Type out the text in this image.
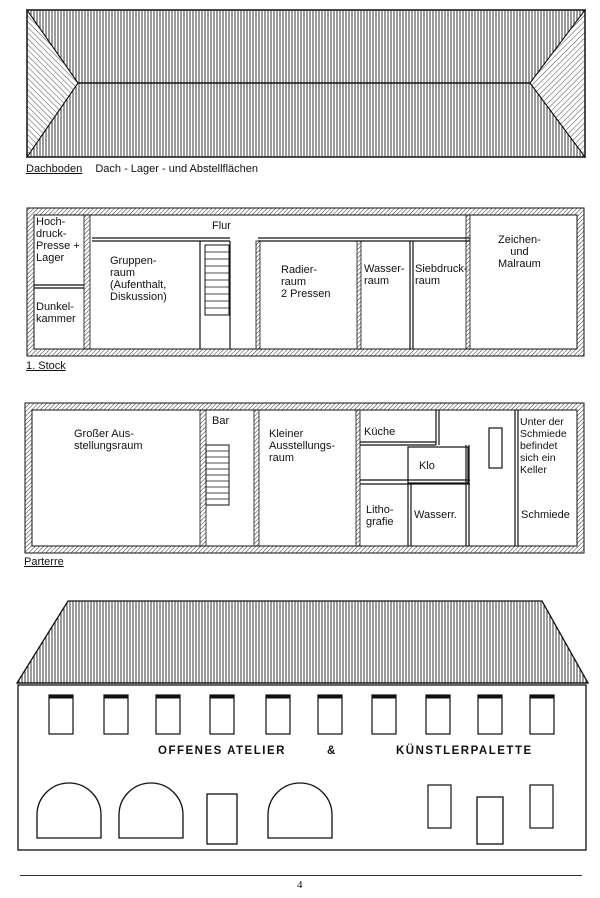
Dachboden Dach - Lager - und Abstellflächen
Hoch-
druck-
Presse +
Lager
Dunkel-
kammer
Flur
Gruppen-
raum
(Aufenthalt,
Diskussion)
Radier-
raum
2 Pressen
Wasser-
raum
Siebdruck-
raum
Zeichen-
und
Malraum
1. Stock
Großer Aus-
stellungsraum
Bar
Kleiner
Ausstellungs-
raum
Küche
Klo
Litho-
grafie
Wasserr.
Unter der
Schmiede
befindet
sich ein
Keller
Schmiede
Parterre
OFFENES ATELIER	&	KÜNSTLERPALETTE
4
